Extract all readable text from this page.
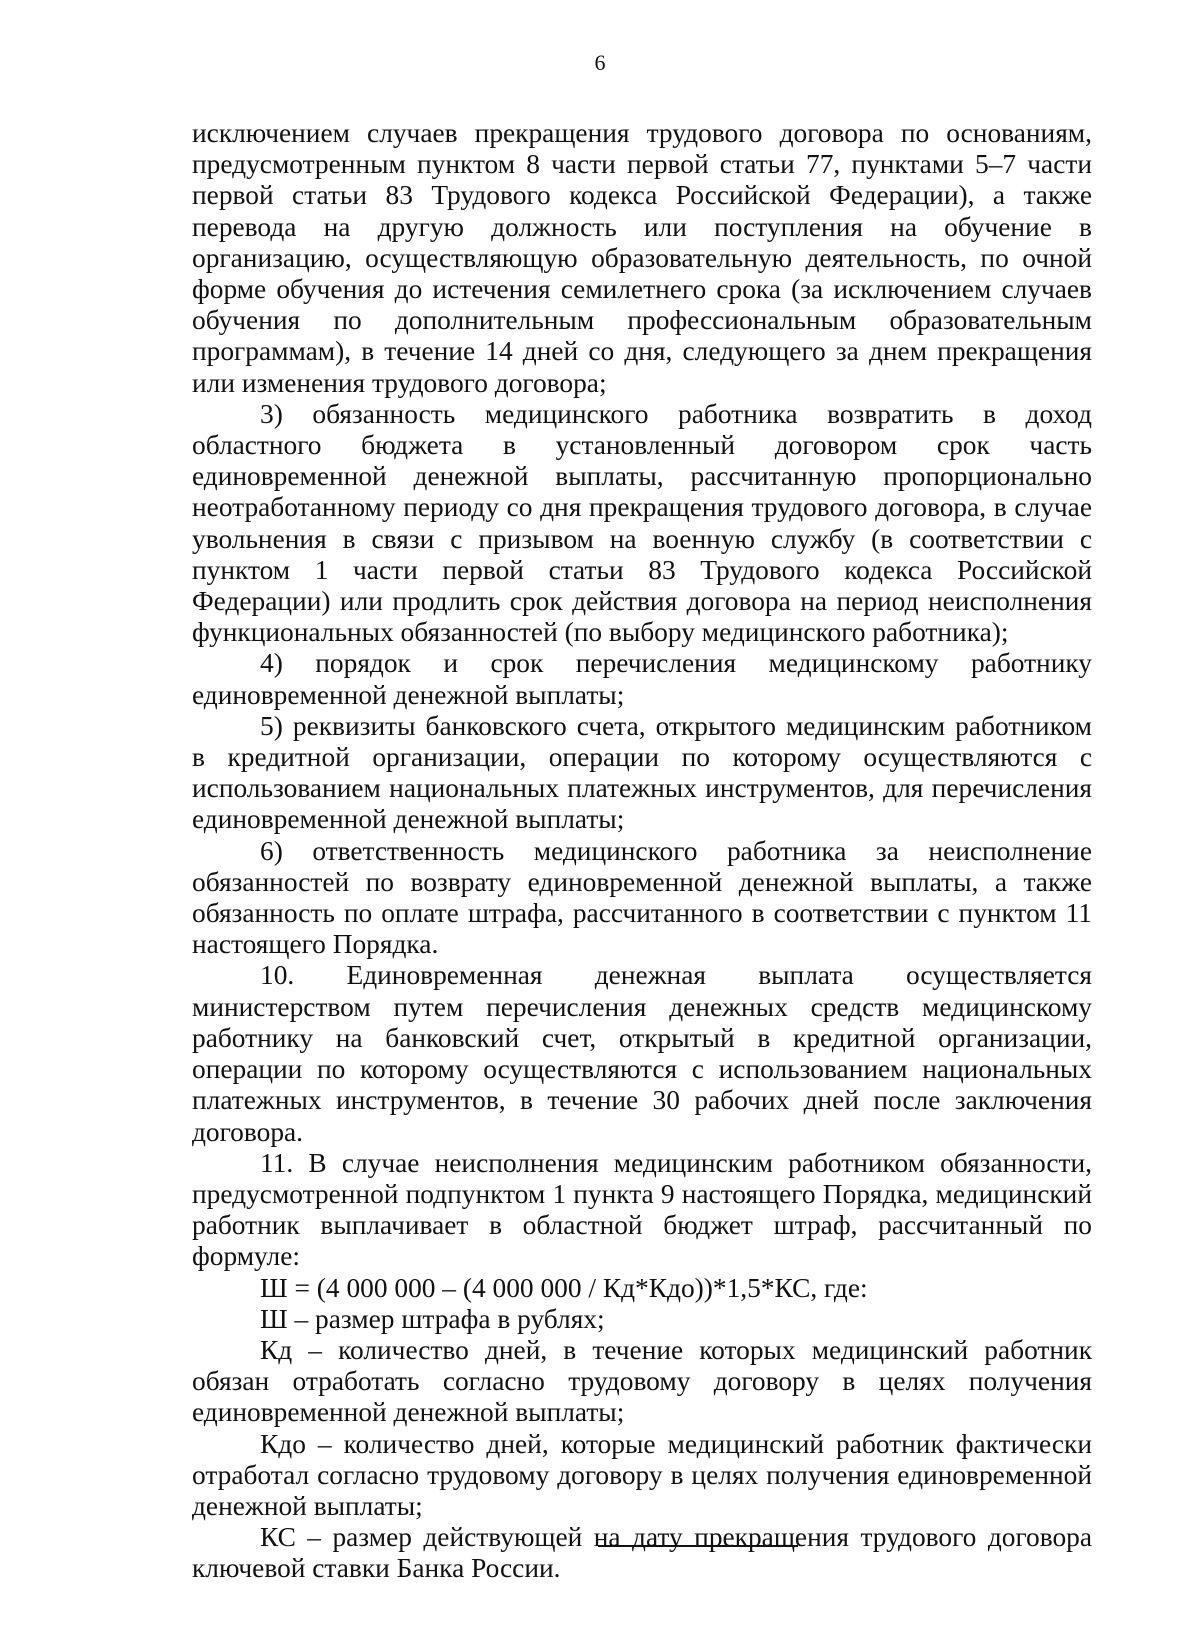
6

исключением случаев прекращения трудового договора по основаниям, предусмотренным пунктом 8 части первой статьи 77, пунктами 5–7 части первой статьи 83 Трудового кодекса Российской Федерации), а также перевода на другую должность или поступления на обучение в организацию, осуществляющую образовательную деятельность, по очной форме обучения до истечения семилетнего срока (за исключением случаев обучения по дополнительным профессиональным образовательным программам), в течение 14 дней со дня, следующего за днем прекращения или изменения трудового договора;

3) обязанность медицинского работника возвратить в доход областного бюджета в установленный договором срок часть единовременной денежной выплаты, рассчитанную пропорционально неотработанному периоду со дня прекращения трудового договора, в случае увольнения в связи с призывом на военную службу (в соответствии с пунктом 1 части первой статьи 83 Трудового кодекса Российской Федерации) или продлить срок действия договора на период неисполнения функциональных обязанностей (по выбору медицинского работника);

4) порядок и срок перечисления медицинскому работнику единовременной денежной выплаты;

5) реквизиты банковского счета, открытого медицинским работником в кредитной организации, операции по которому осуществляются с использованием национальных платежных инструментов, для перечисления единовременной денежной выплаты;

6) ответственность медицинского работника за неисполнение обязанностей по возврату единовременной денежной выплаты, а также обязанность по оплате штрафа, рассчитанного в соответствии с пунктом 11 настоящего Порядка.

10. Единовременная денежная выплата осуществляется министерством путем перечисления денежных средств медицинскому работнику на банковский счет, открытый в кредитной организации, операции по которому осуществляются с использованием национальных платежных инструментов, в течение 30 рабочих дней после заключения договора.

11. В случае неисполнения медицинским работником обязанности, предусмотренной подпунктом 1 пункта 9 настоящего Порядка, медицинский работник выплачивает в областной бюджет штраф, рассчитанный по формуле:

Ш = (4 000 000 – (4 000 000 / Кд*Кдо))*1,5*КС, где:

Ш – размер штрафа в рублях;

Кд – количество дней, в течение которых медицинский работник обязан отработать согласно трудовому договору в целях получения единовременной денежной выплаты;

Кдо – количество дней, которые медицинский работник фактически отработал согласно трудовому договору в целях получения единовременной денежной выплаты;

КС – размер действующей на дату прекращения трудового договора ключевой ставки Банка России.
